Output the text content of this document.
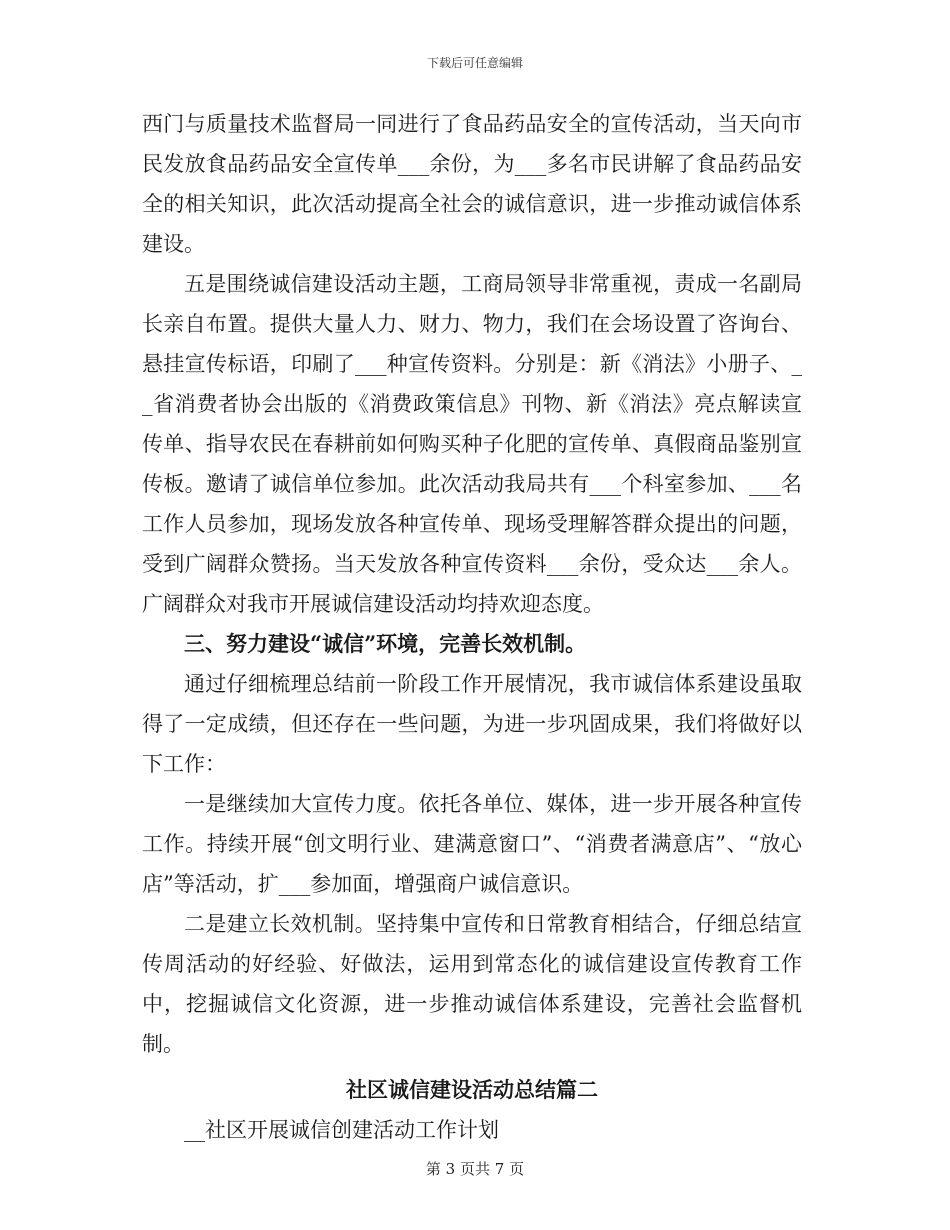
下载后可任意编辑

西门与质量技术监督局一同进行了食品药品安全的宣传活动，当天向市民发放食品药品安全宣传单___余份，为___多名市民讲解了食品药品安全的相关知识，此次活动提高全社会的诚信意识，进一步推动诚信体系建设。

五是围绕诚信建设活动主题，工商局领导非常重视，责成一名副局长亲自布置。提供大量人力、财力、物力，我们在会场设置了咨询台、悬挂宣传标语，印刷了___种宣传资料。分别是：新《消法》小册子、__省消费者协会出版的《消费政策信息》刊物、新《消法》亮点解读宣传单、指导农民在春耕前如何购买种子化肥的宣传单、真假商品鉴别宣传板。邀请了诚信单位参加。此次活动我局共有___个科室参加、___名工作人员参加，现场发放各种宣传单、现场受理解答群众提出的问题，受到广阔群众赞扬。当天发放各种宣传资料___余份，受众达___余人。广阔群众对我市开展诚信建设活动均持欢迎态度。

三、努力建设“诚信”环境，完善长效机制。

通过仔细梳理总结前一阶段工作开展情况，我市诚信体系建设虽取得了一定成绩，但还存在一些问题，为进一步巩固成果，我们将做好以下工作：

一是继续加大宣传力度。依托各单位、媒体，进一步开展各种宣传工作。持续开展“创文明行业、建满意窗口”、“消费者满意店”、“放心店”等活动，扩___参加面，增强商户诚信意识。

二是建立长效机制。坚持集中宣传和日常教育相结合，仔细总结宣传周活动的好经验、好做法，运用到常态化的诚信建设宣传教育工作中，挖掘诚信文化资源，进一步推动诚信体系建设，完善社会监督机制。

社区诚信建设活动总结篇二

__社区开展诚信创建活动工作计划

第 3 页共 7 页
